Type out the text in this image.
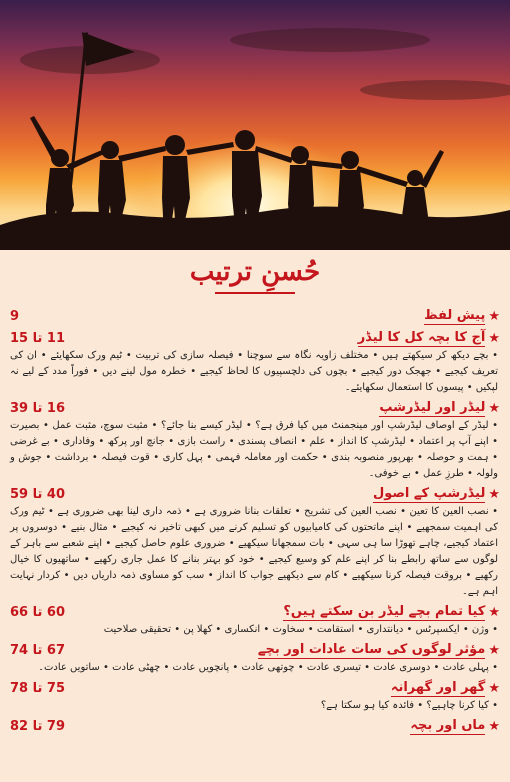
حُسنِ ترتیب
★
پیش لفظ
9
★
آج کا بچہ کل کا لیڈر
11 تا 15
• بچے دیکھ کر سیکھتے ہیں • مختلف زاویہ نگاہ سے سوچنا • فیصلہ سازی کی تربیت • ٹیم ورک سکھایئے • ان کی تعریف کیجیے • جھجک دور کیجیے • بچوں کی دلچسپیوں کا لحاظ کیجیے • خطرہ مول لینے دیں • فوراً مدد کے لیے نہ لپکیں • پیسوں کا استعمال سکھایئے۔
★
لیڈر اور لیڈرشپ
16 تا 39
• لیڈر کے اوصاف لیڈرشپ اور مینجمنٹ میں کیا فرق ہے؟ • لیڈر کیسے بنا جائے؟ • مثبت سوچ، مثبت عمل • بصیرت • اپنے آپ پر اعتماد • لیڈرشپ کا انداز • علم • انصاف پسندی • راست بازی • جانچ اور پرکھ • وفاداری • بے غرضی • ہمت و حوصلہ • بھرپور منصوبہ بندی • حکمت اور معاملہ فہمی • پہل کاری • قوت فیصلہ • برداشت • جوش و ولولہ • طرزِ عمل • بے خوفی۔
★
لیڈرشپ کے اصول
40 تا 59
• نصب العین کا تعین • نصب العین کی تشریح • تعلقات بنانا ضروری ہے • ذمہ داری لینا بھی ضروری ہے • ٹیم ورک کی اہمیت سمجھیے • اپنے ماتحتوں کی کامیابیوں کو تسلیم کرنے میں کبھی تاخیر نہ کیجیے • مثال بنیے • دوسروں پر اعتماد کیجیے، چاہے تھوڑا سا ہی سہی • بات سمجھانا سیکھیے • ضروری علوم حاصل کیجیے • اپنے شعبے سے باہر کے لوگوں سے ساتھ رابطے بنا کر اپنے علم کو وسیع کیجیے • خود کو بہتر بنانے کا عمل جاری رکھیے • ساتھیوں کا خیال رکھیے • بروقت فیصلہ کرنا سیکھیے • کام سے دیکھیے جواب کا انداز • سب کو مساوی ذمہ داریاں دیں • کردار نہایت اہم ہے۔
★
کیا تمام بچے لیڈر بن سکتے ہیں؟
60 تا 66
• وژن • ایکسپرٹس • دیانتداری • استقامت • سخاوت • انکساری • کھلا پن • تحقیقی صلاحیت
★
مؤثر لوگوں کی سات عادات اور بچے
67 تا 74
• پہلی عادت • دوسری عادت • تیسری عادت • چوتھی عادت • پانچویں عادت • چھٹی عادت • ساتویں عادت۔
★
گھر اور گھرانہ
75 تا 78
• کیا کرنا چاہیے؟ • فائدہ کیا ہو سکتا ہے؟
★
ماں اور بچہ
79 تا 82
